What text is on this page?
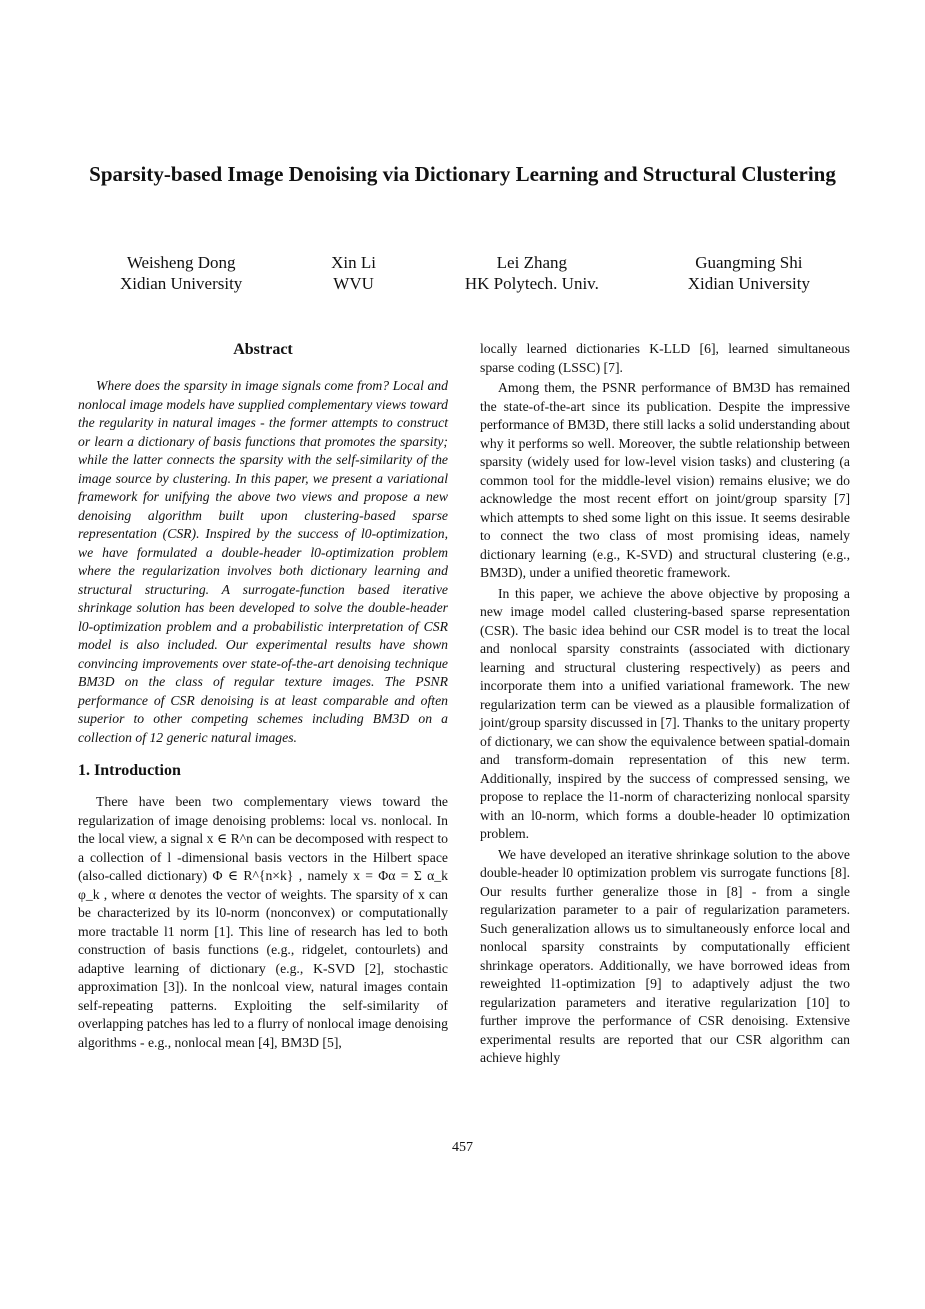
Sparsity-based Image Denoising via Dictionary Learning and Structural Clustering
Weisheng Dong
Xidian University
Xin Li
WVU
Lei Zhang
HK Polytech. Univ.
Guangming Shi
Xidian University
Abstract

Where does the sparsity in image signals come from? Local and nonlocal image models have supplied complementary views toward the regularity in natural images - the former attempts to construct or learn a dictionary of basis functions that promotes the sparsity; while the latter connects the sparsity with the self-similarity of the image source by clustering. In this paper, we present a variational framework for unifying the above two views and propose a new denoising algorithm built upon clustering-based sparse representation (CSR). Inspired by the success of l0-optimization, we have formulated a double-header l0-optimization problem where the regularization involves both dictionary learning and structural structuring. A surrogate-function based iterative shrinkage solution has been developed to solve the double-header l0-optimization problem and a probabilistic interpretation of CSR model is also included. Our experimental results have shown convincing improvements over state-of-the-art denoising technique BM3D on the class of regular texture images. The PSNR performance of CSR denoising is at least comparable and often superior to other competing schemes including BM3D on a collection of 12 generic natural images.

1. Introduction

There have been two complementary views toward the regularization of image denoising problems: local vs. nonlocal. In the local view, a signal x ∈ R^n can be decomposed with respect to a collection of l -dimensional basis vectors in the Hilbert space (also-called dictionary) Φ ∈ R^{n×k} , namely x = Φα = Σ α_k φ_k , where α denotes the vector of weights. The sparsity of x can be characterized by its l0-norm (nonconvex) or computationally more tractable l1 norm [1]. This line of research has led to both construction of basis functions (e.g., ridgelet, contourlets) and adaptive learning of dictionary (e.g., K-SVD [2], stochastic approximation [3]). In the nonlcoal view, natural images contain self-repeating patterns. Exploiting the self-similarity of overlapping patches has led to a flurry of nonlocal image denoising algorithms - e.g., nonlocal mean [4], BM3D [5],

locally learned dictionaries K-LLD [6], learned simultaneous sparse coding (LSSC) [7].

Among them, the PSNR performance of BM3D has remained the state-of-the-art since its publication. Despite the impressive performance of BM3D, there still lacks a solid understanding about why it performs so well. Moreover, the subtle relationship between sparsity (widely used for low-level vision tasks) and clustering (a common tool for the middle-level vision) remains elusive; we do acknowledge the most recent effort on joint/group sparsity [7] which attempts to shed some light on this issue. It seems desirable to connect the two class of most promising ideas, namely dictionary learning (e.g., K-SVD) and structural clustering (e.g., BM3D), under a unified theoretic framework.

In this paper, we achieve the above objective by proposing a new image model called clustering-based sparse representation (CSR). The basic idea behind our CSR model is to treat the local and nonlocal sparsity constraints (associated with dictionary learning and structural clustering respectively) as peers and incorporate them into a unified variational framework. The new regularization term can be viewed as a plausible formalization of joint/group sparsity discussed in [7]. Thanks to the unitary property of dictionary, we can show the equivalence between spatial-domain and transform-domain representation of this new term. Additionally, inspired by the success of compressed sensing, we propose to replace the l1-norm of characterizing nonlocal sparsity with an l0-norm, which forms a double-header l0 optimization problem.

We have developed an iterative shrinkage solution to the above double-header l0 optimization problem vis surrogate functions [8]. Our results further generalize those in [8] - from a single regularization parameter to a pair of regularization parameters. Such generalization allows us to simultaneously enforce local and nonlocal sparsity constraints by computationally efficient shrinkage operators. Additionally, we have borrowed ideas from reweighted l1-optimization [9] to adaptively adjust the two regularization parameters and iterative regularization [10] to further improve the performance of CSR denoising. Extensive experimental results are reported that our CSR algorithm can achieve highly

457
